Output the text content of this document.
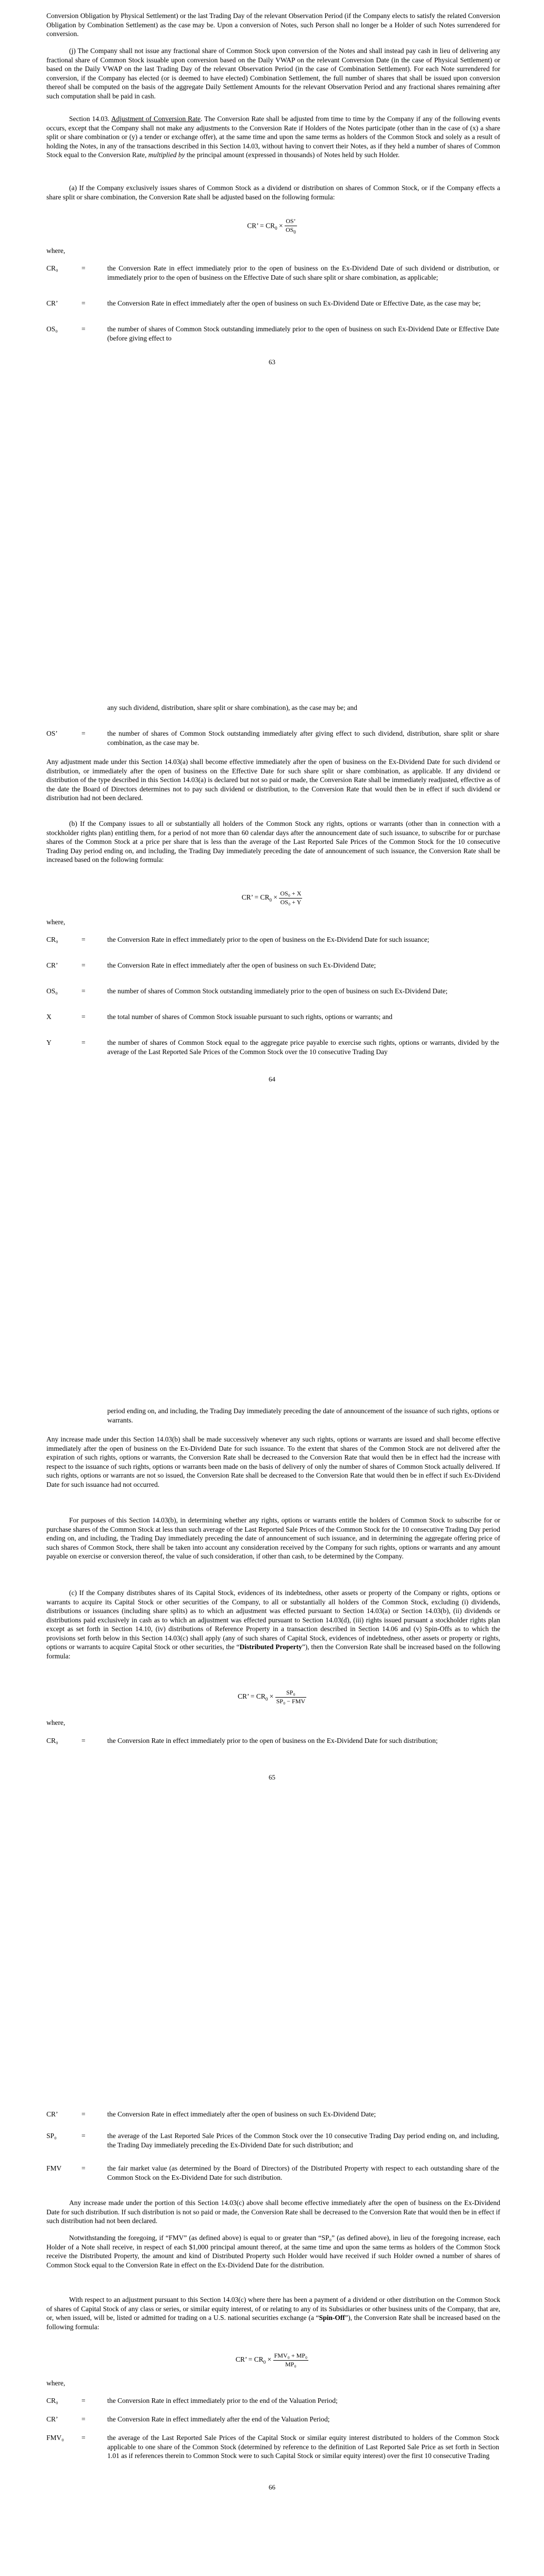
Conversion Obligation by Physical Settlement) or the last Trading Day of the relevant Observation Period (if the Company elects to satisfy the related Conversion Obligation by Combination Settlement) as the case may be. Upon a conversion of Notes, such Person shall no longer be a Holder of such Notes surrendered for conversion.

(j) The Company shall not issue any fractional share of Common Stock upon conversion of the Notes and shall instead pay cash in lieu of delivering any fractional share of Common Stock issuable upon conversion based on the Daily VWAP on the relevant Conversion Date (in the case of Physical Settlement) or based on the Daily VWAP on the last Trading Day of the relevant Observation Period (in the case of Combination Settlement). For each Note surrendered for conversion, if the Company has elected (or is deemed to have elected) Combination Settlement, the full number of shares that shall be issued upon conversion thereof shall be computed on the basis of the aggregate Daily Settlement Amounts for the relevant Observation Period and any fractional shares remaining after such computation shall be paid in cash.

Section 14.03. Adjustment of Conversion Rate. The Conversion Rate shall be adjusted from time to time by the Company if any of the following events occurs, except that the Company shall not make any adjustments to the Conversion Rate if Holders of the Notes participate (other than in the case of (x) a share split or share combination or (y) a tender or exchange offer), at the same time and upon the same terms as holders of the Common Stock and solely as a result of holding the Notes, in any of the transactions described in this Section 14.03, without having to convert their Notes, as if they held a number of shares of Common Stock equal to the Conversion Rate, multiplied by the principal amount (expressed in thousands) of Notes held by such Holder.

(a) If the Company exclusively issues shares of Common Stock as a dividend or distribution on shares of Common Stock, or if the Company effects a share split or share combination, the Conversion Rate shall be adjusted based on the following formula:

CR’ = $CR_0 \times \frac{OS’}{OS_0}$
where,
CR₀	=	the Conversion Rate in effect immediately prior to the open of business on the Ex-Dividend Date of such dividend or distribution, or immediately prior to the open of business on the Effective Date of such share split or share combination, as applicable;
CR’	=	the Conversion Rate in effect immediately after the open of business on such Ex-Dividend Date or Effective Date, as the case may be;
OS₀	=	the number of shares of Common Stock outstanding immediately prior to the open of business on such Ex-Dividend Date or Effective Date (before giving effect to
63
any such dividend, distribution, share split or share combination), as the case may be; and
OS’	=	the number of shares of Common Stock outstanding immediately after giving effect to such dividend, distribution, share split or share combination, as the case may be.

Any adjustment made under this Section 14.03(a) shall become effective immediately after the open of business on the Ex-Dividend Date for such dividend or distribution, or immediately after the open of business on the Effective Date for such share split or share combination, as applicable. If any dividend or distribution of the type described in this Section 14.03(a) is declared but not so paid or made, the Conversion Rate shall be immediately readjusted, effective as of the date the Board of Directors determines not to pay such dividend or distribution, to the Conversion Rate that would then be in effect if such dividend or distribution had not been declared.

(b) If the Company issues to all or substantially all holders of the Common Stock any rights, options or warrants (other than in connection with a stockholder rights plan) entitling them, for a period of not more than 60 calendar days after the announcement date of such issuance, to subscribe for or purchase shares of the Common Stock at a price per share that is less than the average of the Last Reported Sale Prices of the Common Stock for the 10 consecutive Trading Day period ending on, and including, the Trading Day immediately preceding the date of announcement of such issuance, the Conversion Rate shall be increased based on the following formula:

CR’ = $CR_0 \times \frac{\text{OS₀ + X}}{\text{OS₀ + Y}}$
where,
CR₀	=	the Conversion Rate in effect immediately prior to the open of business on the Ex-Dividend Date for such issuance;
CR’	=	the Conversion Rate in effect immediately after the open of business on such Ex-Dividend Date;
OS₀	=	the number of shares of Common Stock outstanding immediately prior to the open of business on such Ex-Dividend Date;
X	=	the total number of shares of Common Stock issuable pursuant to such rights, options or warrants; and
Y	=	the number of shares of Common Stock equal to the aggregate price payable to exercise such rights, options or warrants, divided by the average of the Last Reported Sale Prices of the Common Stock over the 10 consecutive Trading Day
64
period ending on, and including, the Trading Day immediately preceding the date of announcement of the issuance of such rights, options or warrants.

Any increase made under this Section 14.03(b) shall be made successively whenever any such rights, options or warrants are issued and shall become effective immediately after the open of business on the Ex-Dividend Date for such issuance. To the extent that shares of the Common Stock are not delivered after the expiration of such rights, options or warrants, the Conversion Rate shall be decreased to the Conversion Rate that would then be in effect had the increase with respect to the issuance of such rights, options or warrants been made on the basis of delivery of only the number of shares of Common Stock actually delivered. If such rights, options or warrants are not so issued, the Conversion Rate shall be decreased to the Conversion Rate that would then be in effect if such Ex-Dividend Date for such issuance had not occurred.

For purposes of this Section 14.03(b), in determining whether any rights, options or warrants entitle the holders of Common Stock to subscribe for or purchase shares of the Common Stock at less than such average of the Last Reported Sale Prices of the Common Stock for the 10 consecutive Trading Day period ending on, and including, the Trading Day immediately preceding the date of announcement of such issuance, and in determining the aggregate offering price of such shares of Common Stock, there shall be taken into account any consideration received by the Company for such rights, options or warrants and any amount payable on exercise or conversion thereof, the value of such consideration, if other than cash, to be determined by the Company.

(c) If the Company distributes shares of its Capital Stock, evidences of its indebtedness, other assets or property of the Company or rights, options or warrants to acquire its Capital Stock or other securities of the Company, to all or substantially all holders of the Common Stock, excluding (i) dividends, distributions or issuances (including share splits) as to which an adjustment was effected pursuant to Section 14.03(a) or Section 14.03(b), (ii) dividends or distributions paid exclusively in cash as to which an adjustment was effected pursuant to Section 14.03(d), (iii) rights issued pursuant a stockholder rights plan except as set forth in Section 14.10, (iv) distributions of Reference Property in a transaction described in Section 14.06 and (v) Spin-Offs as to which the provisions set forth below in this Section 14.03(c) shall apply (any of such shares of Capital Stock, evidences of indebtedness, other assets or property or rights, options or warrants to acquire Capital Stock or other securities, the “Distributed Property”), then the Conversion Rate shall be increased based on the following formula:

CR’ = $CR_0 \times \frac{\text{SP₀}}{\text{SP₀ − FMV}}$
where,
CR₀	=	the Conversion Rate in effect immediately prior to the open of business on the Ex-Dividend Date for such distribution;
65
CR’	=	the Conversion Rate in effect immediately after the open of business on such Ex-Dividend Date;
SP₀	=	the average of the Last Reported Sale Prices of the Common Stock over the 10 consecutive Trading Day period ending on, and including, the Trading Day immediately preceding the Ex-Dividend Date for such distribution; and
FMV	=	the fair market value (as determined by the Board of Directors) of the Distributed Property with respect to each outstanding share of the Common Stock on the Ex-Dividend Date for such distribution.

Any increase made under the portion of this Section 14.03(c) above shall become effective immediately after the open of business on the Ex-Dividend Date for such distribution. If such distribution is not so paid or made, the Conversion Rate shall be decreased to the Conversion Rate that would then be in effect if such distribution had not been declared.

Notwithstanding the foregoing, if “FMV” (as defined above) is equal to or greater than “SP₀” (as defined above), in lieu of the foregoing increase, each Holder of a Note shall receive, in respect of each $1,000 principal amount thereof, at the same time and upon the same terms as holders of the Common Stock receive the Distributed Property, the amount and kind of Distributed Property such Holder would have received if such Holder owned a number of shares of Common Stock equal to the Conversion Rate in effect on the Ex-Dividend Date for the distribution.

With respect to an adjustment pursuant to this Section 14.03(c) where there has been a payment of a dividend or other distribution on the Common Stock of shares of Capital Stock of any class or series, or similar equity interest, of or relating to any of its Subsidiaries or other business units of the Company, that are, or, when issued, will be, listed or admitted for trading on a U.S. national securities exchange (a “Spin-Off”), the Conversion Rate shall be increased based on the following formula:

CR’ = $CR_0 \times \frac{\text{FMV₀ + MP₀}}{\text{MP₀}}$
where,
CR₀	=	the Conversion Rate in effect immediately prior to the end of the Valuation Period;
CR’	=	the Conversion Rate in effect immediately after the end of the Valuation Period;
FMV₀	=	the average of the Last Reported Sale Prices of the Capital Stock or similar equity interest distributed to holders of the Common Stock applicable to one share of the Common Stock (determined by reference to the definition of Last Reported Sale Price as set forth in Section 1.01 as if references therein to Common Stock were to such Capital Stock or similar equity interest) over the first 10 consecutive Trading
66
